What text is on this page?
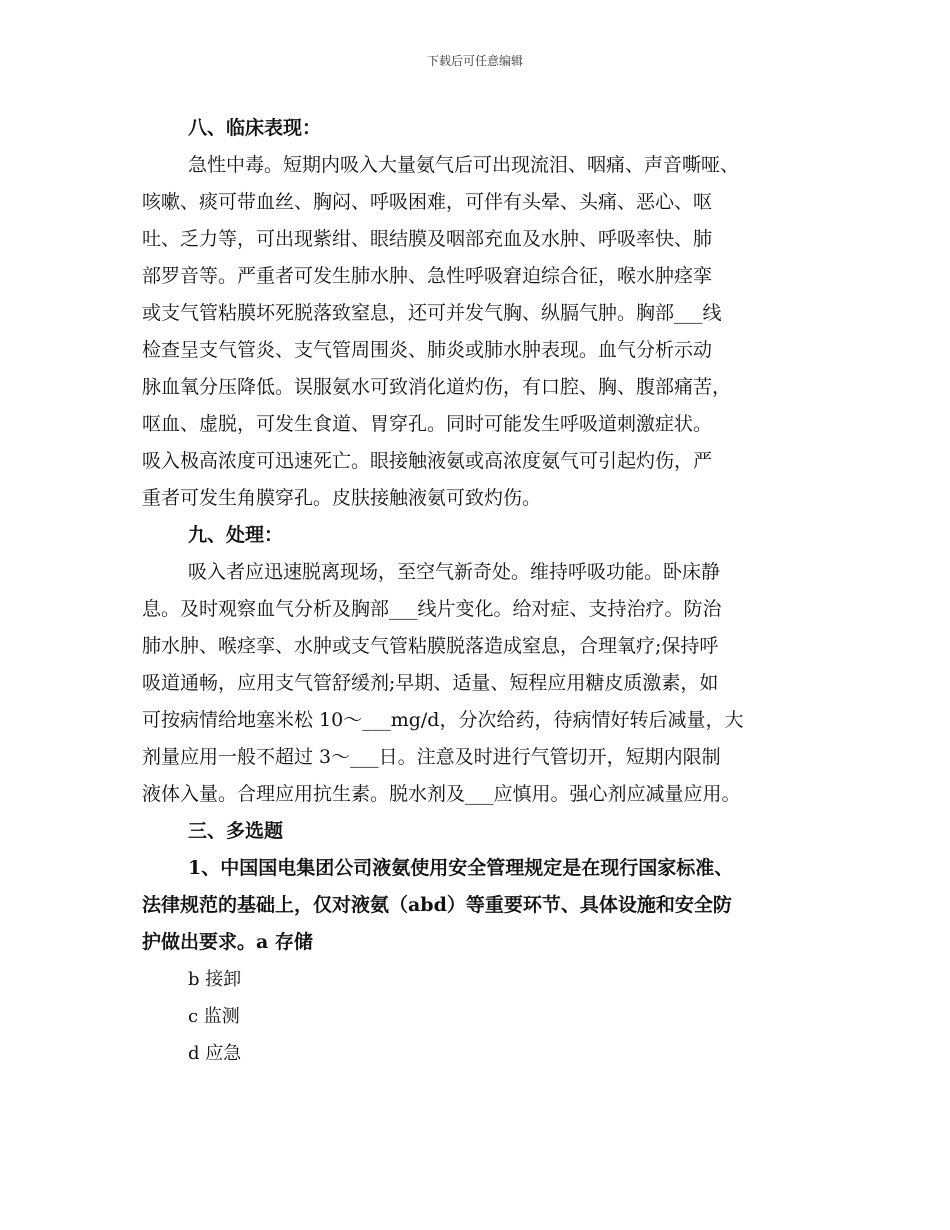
下载后可任意编辑
八、临床表现：
急性中毒。短期内吸入大量氨气后可出现流泪、咽痛、声音嘶哑、
咳嗽、痰可带血丝、胸闷、呼吸困难，可伴有头晕、头痛、恶心、呕
吐、乏力等，可出现紫绀、眼结膜及咽部充血及水肿、呼吸率快、肺
部罗音等。严重者可发生肺水肿、急性呼吸窘迫综合征，喉水肿痉挛
或支气管粘膜坏死脱落致窒息，还可并发气胸、纵膈气肿。胸部___线
检查呈支气管炎、支气管周围炎、肺炎或肺水肿表现。血气分析示动
脉血氧分压降低。误服氨水可致消化道灼伤，有口腔、胸、腹部痛苦，
呕血、虚脱，可发生食道、胃穿孔。同时可能发生呼吸道刺激症状。
吸入极高浓度可迅速死亡。眼接触液氨或高浓度氨气可引起灼伤，严
重者可发生角膜穿孔。皮肤接触液氨可致灼伤。
九、处理：
吸入者应迅速脱离现场，至空气新奇处。维持呼吸功能。卧床静
息。及时观察血气分析及胸部___线片变化。给对症、支持治疗。防治
肺水肿、喉痉挛、水肿或支气管粘膜脱落造成窒息，合理氧疗;保持呼
吸道通畅，应用支气管舒缓剂;早期、适量、短程应用糖皮质激素，如
可按病情给地塞米松 10～___mg/d，分次给药，待病情好转后减量，大
剂量应用一般不超过 3～___日。注意及时进行气管切开，短期内限制
液体入量。合理应用抗生素。脱水剂及___应慎用。强心剂应减量应用。
三、多选题
1、中国国电集团公司液氨使用安全管理规定是在现行国家标准、
法律规范的基础上，仅对液氨（abd）等重要环节、具体设施和安全防
护做出要求。a 存储
b 接卸
c 监测
d 应急
